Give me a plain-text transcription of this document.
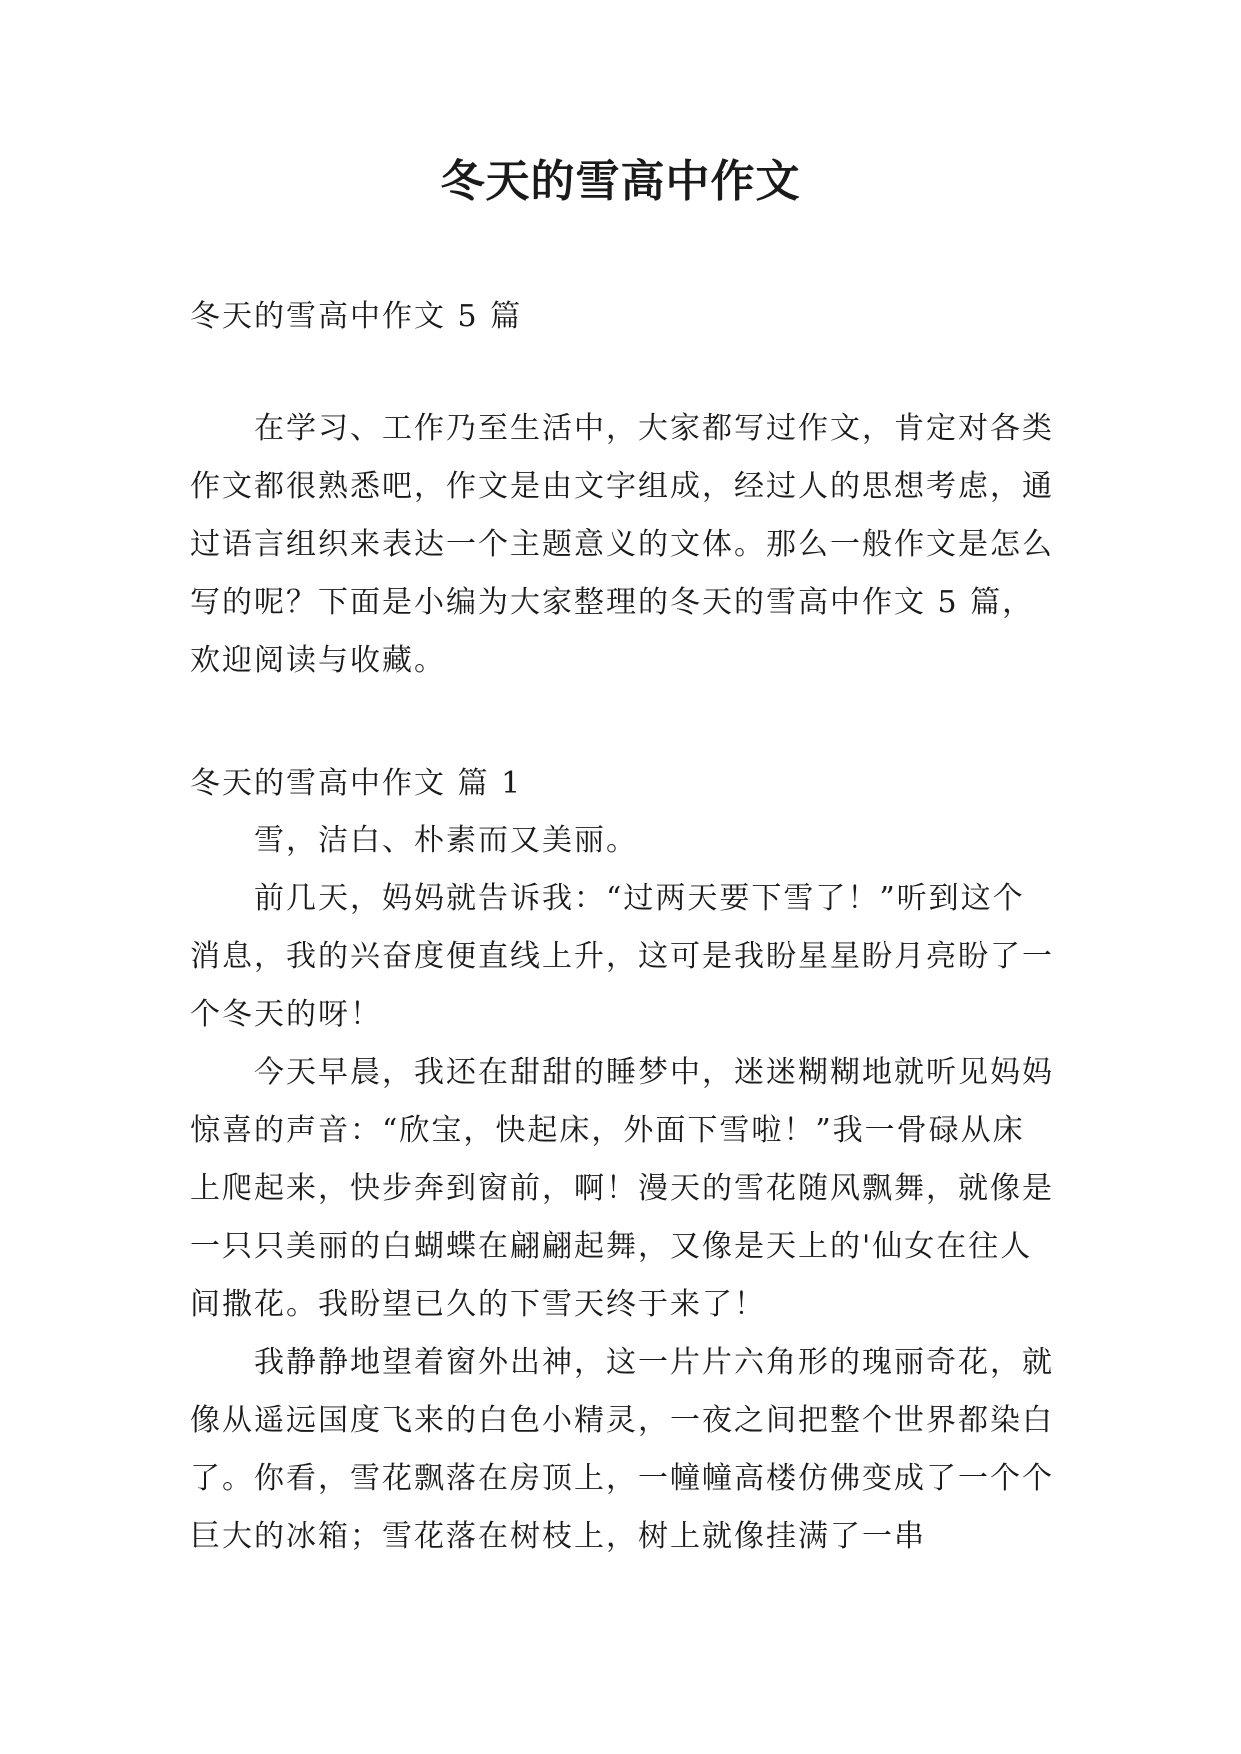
冬天的雪高中作文
冬天的雪高中作文 5 篇
在学习、工作乃至生活中，大家都写过作文，肯定对各类作文都很熟悉吧，作文是由文字组成，经过人的思想考虑，通过语言组织来表达一个主题意义的文体。那么一般作文是怎么写的呢？下面是小编为大家整理的冬天的雪高中作文 5 篇，欢迎阅读与收藏。
冬天的雪高中作文 篇 1

雪，洁白、朴素而又美丽。

前几天，妈妈就告诉我：“过两天要下雪了！”听到这个消息，我的兴奋度便直线上升，这可是我盼星星盼月亮盼了一个冬天的呀！

今天早晨，我还在甜甜的睡梦中，迷迷糊糊地就听见妈妈惊喜的声音：“欣宝，快起床，外面下雪啦！”我一骨碌从床上爬起来，快步奔到窗前，啊！漫天的雪花随风飘舞，就像是一只只美丽的白蝴蝶在翩翩起舞，又像是天上的'仙女在往人间撒花。我盼望已久的下雪天终于来了！

我静静地望着窗外出神，这一片片六角形的瑰丽奇花，就像从遥远国度飞来的白色小精灵，一夜之间把整个世界都染白了。你看，雪花飘落在房顶上，一幢幢高楼仿佛变成了一个个巨大的冰箱；雪花落在树枝上，树上就像挂满了一串
